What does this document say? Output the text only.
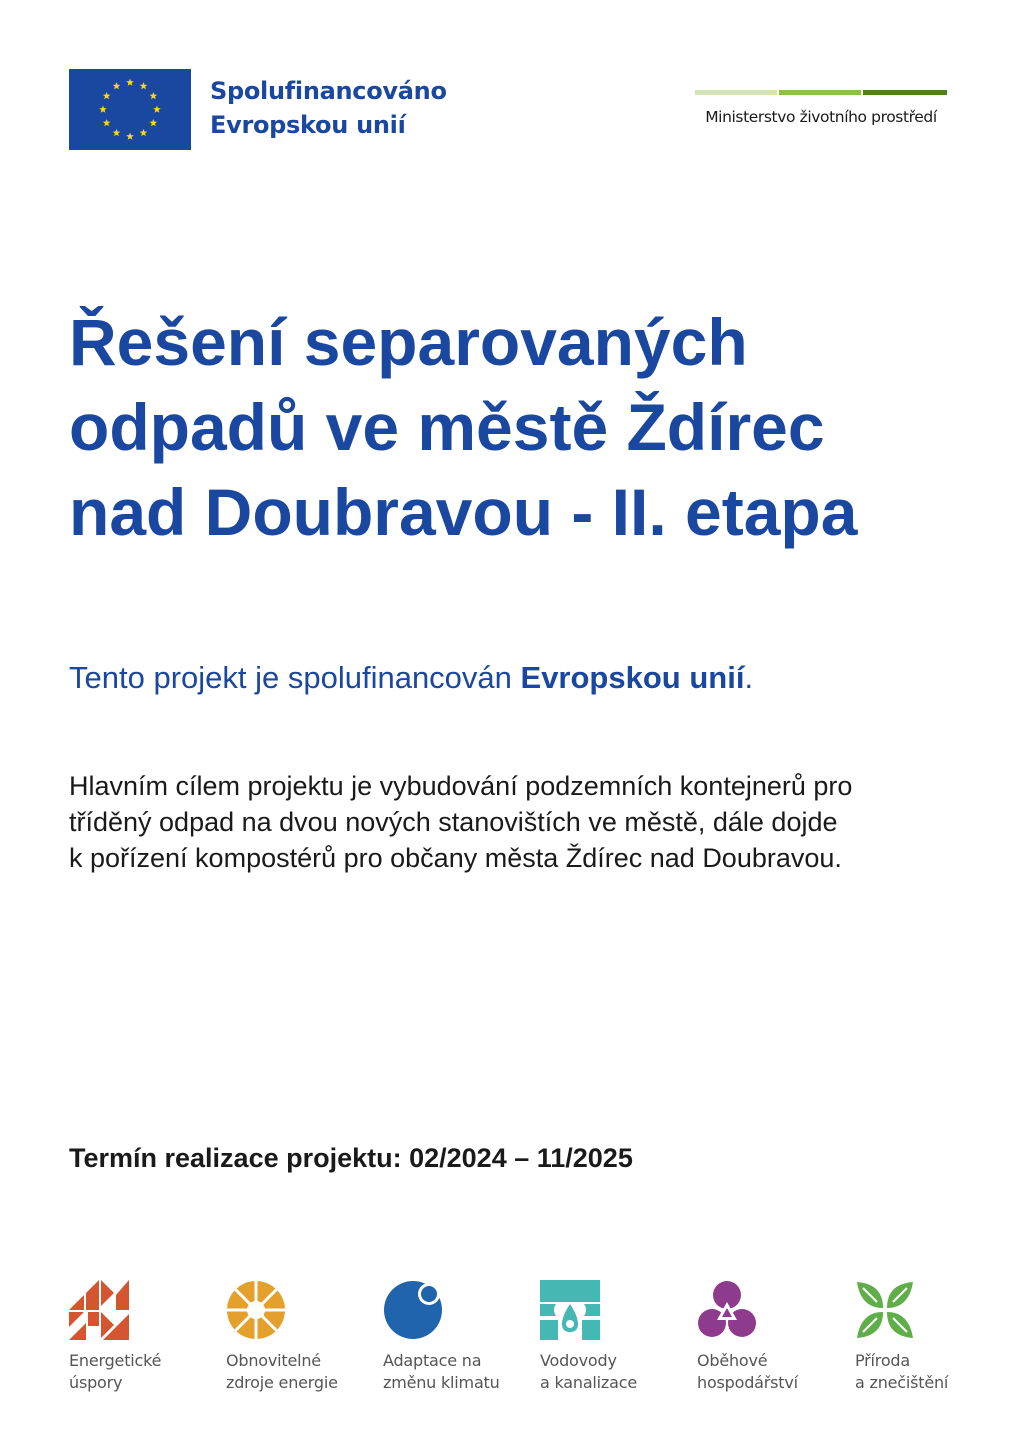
Spolufinancováno
Evropskou unií	Ministerstvo životního prostředí
Řešení separovaných
odpadů ve městě Ždírec
nad Doubravou - II. etapa

Tento projekt je spolufinancován Evropskou unií.

Hlavním cílem projektu je vybudování podzemních kontejnerů pro
tříděný odpad na dvou nových stanovištích ve městě, dále dojde
k pořízení kompostérů pro občany města Ždírec nad Doubravou.

Termín realizace projektu: 02/2024 – 11/2025

Energetické
úspory
Obnovitelné
zdroje energie
Adaptace na
změnu klimatu
Vodovody
a kanalizace
Oběhové
hospodářství
Příroda
a znečištění
